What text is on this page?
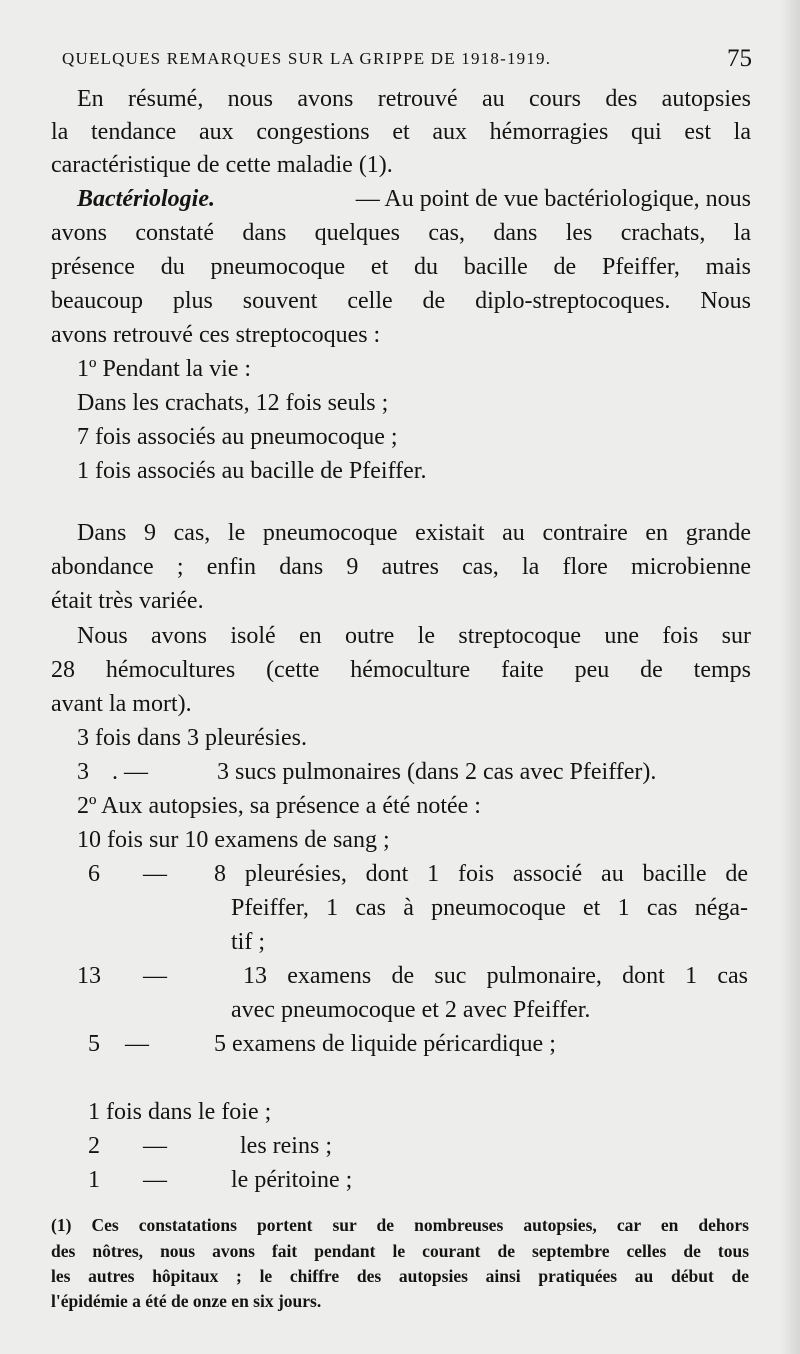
QUELQUES REMARQUES SUR LA GRIPPE DE 1918-1919.	75
En résumé, nous avons retrouvé au cours des autopsies
la tendance aux congestions et aux hémorragies qui est la
caractéristique de cette maladie (1).
Bactériologie.	— Au point de vue bactériologique, nous
avons constaté dans quelques cas, dans les crachats, la
présence du pneumocoque et du bacille de Pfeiffer, mais
beaucoup plus souvent celle de diplo-streptocoques. Nous
avons retrouvé ces streptocoques :
1º Pendant la vie :
Dans les crachats, 12 fois seuls ;
7 fois associés au pneumocoque ;
1 fois associés au bacille de Pfeiffer.
Dans 9 cas, le pneumocoque existait au contraire en grande
abondance ; enfin dans 9 autres cas, la flore microbienne
était très variée.
Nous avons isolé en outre le streptocoque une fois sur
28 hémocultures (cette hémoculture faite peu de temps
avant la mort).
3 fois dans 3 pleurésies.
3 . —	3 sucs pulmonaires (dans 2 cas avec Pfeiffer).
2º Aux autopsies, sa présence a été notée :
10 fois sur 10 examens de sang ;
6 — 8 pleurésies, dont 1 fois associé au bacille de
Pfeiffer, 1 cas à pneumocoque et 1 cas néga-
tif ;
13 —	13 examens de suc pulmonaire, dont 1 cas
avec pneumocoque et 2 avec Pfeiffer.
5 —	5 examens de liquide péricardique ;
1 fois dans le foie ;
2 —	les reins ;
1 —	le péritoine ;
(1) Ces constatations portent sur de nombreuses autopsies, car en dehors
des nôtres, nous avons fait pendant le courant de septembre celles de tous
les autres hôpitaux ; le chiffre des autopsies ainsi pratiquées au début de
l'épidémie a été de onze en six jours.
